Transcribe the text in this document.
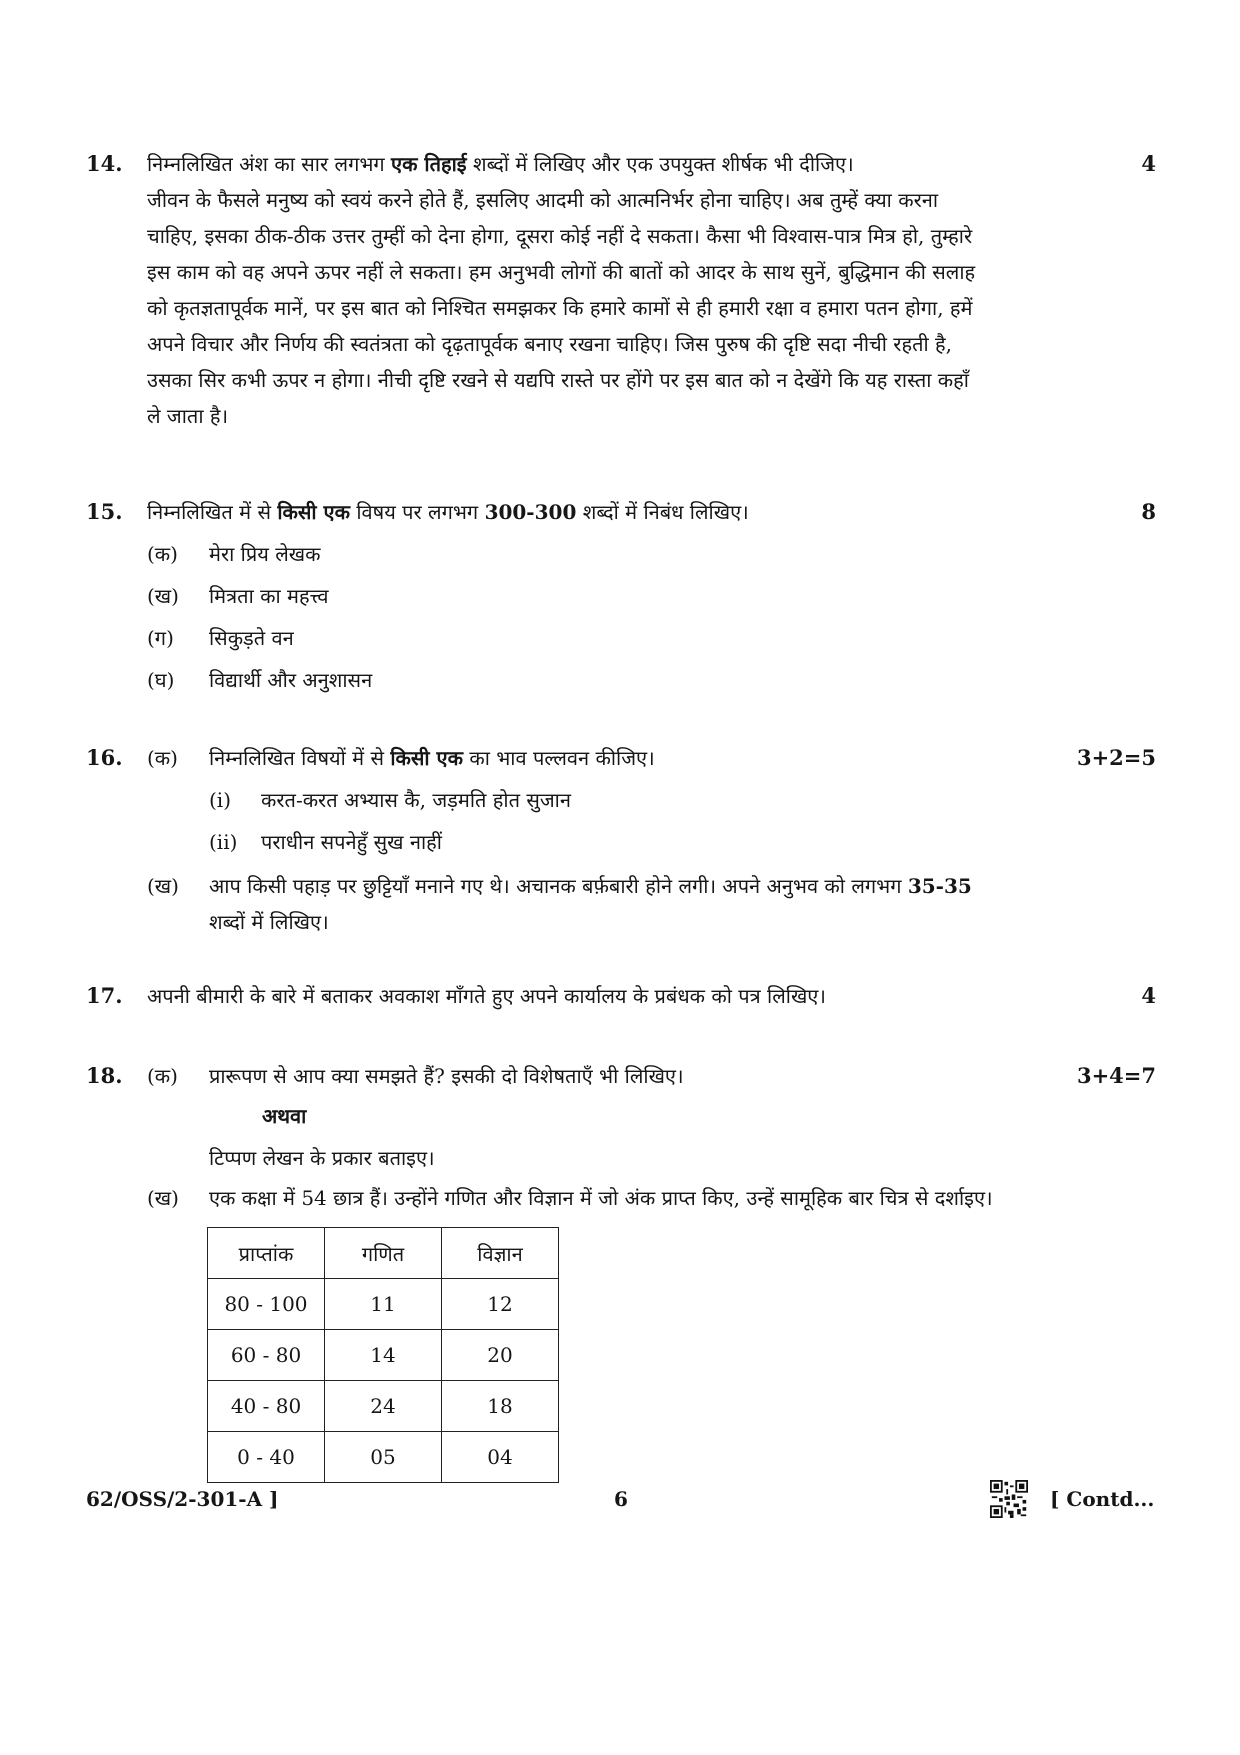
14. निम्नलिखित अंश का सार लगभग एक तिहाई शब्दों में लिखिए और एक उपयुक्त शीर्षक भी दीजिए।	4
जीवन के फैसले मनुष्य को स्वयं करने होते हैं, इसलिए आदमी को आत्मनिर्भर होना चाहिए। अब तुम्हें क्या करना
चाहिए, इसका ठीक-ठीक उत्तर तुम्हीं को देना होगा, दूसरा कोई नहीं दे सकता। कैसा भी विश्वास-पात्र मित्र हो, तुम्हारे
इस काम को वह अपने ऊपर नहीं ले सकता। हम अनुभवी लोगों की बातों को आदर के साथ सुनें, बुद्धिमान की सलाह
को कृतज्ञतापूर्वक मानें, पर इस बात को निश्चित समझकर कि हमारे कामों से ही हमारी रक्षा व हमारा पतन होगा, हमें
अपने विचार और निर्णय की स्वतंत्रता को दृढ़तापूर्वक बनाए रखना चाहिए। जिस पुरुष की दृष्टि सदा नीची रहती है,
उसका सिर कभी ऊपर न होगा। नीची दृष्टि रखने से यद्यपि रास्ते पर होंगे पर इस बात को न देखेंगे कि यह रास्ता कहाँ
ले जाता है।
15. निम्नलिखित में से किसी एक विषय पर लगभग 300-300 शब्दों में निबंध लिखिए।	8
(क) मेरा प्रिय लेखक
(ख) मित्रता का महत्त्व
(ग) सिकुड़ते वन
(घ) विद्यार्थी और अनुशासन
16. (क) निम्नलिखित विषयों में से किसी एक का भाव पल्लवन कीजिए।	3+2=5
(i) करत-करत अभ्यास कै, जड़मति होत सुजान
(ii) पराधीन सपनेहुँ सुख नाहीं
(ख) आप किसी पहाड़ पर छुट्टियाँ मनाने गए थे। अचानक बर्फ़बारी होने लगी। अपने अनुभव को लगभग 35-35
शब्दों में लिखिए।
17. अपनी बीमारी के बारे में बताकर अवकाश माँगते हुए अपने कार्यालय के प्रबंधक को पत्र लिखिए।	4
18. (क) प्रारूपण से आप क्या समझते हैं? इसकी दो विशेषताएँ भी लिखिए।	3+4=7
अथवा
टिप्पण लेखन के प्रकार बताइए।
(ख) एक कक्षा में 54 छात्र हैं। उन्होंने गणित और विज्ञान में जो अंक प्राप्त किए, उन्हें सामूहिक बार चित्र से दर्शाइए।
प्राप्तांक	गणित	विज्ञान
80 - 100	11	12
60 - 80	14	20
40 - 80	24	18
0 - 40	05	04
62/OSS/2-301-A ]	6	[ Contd...
